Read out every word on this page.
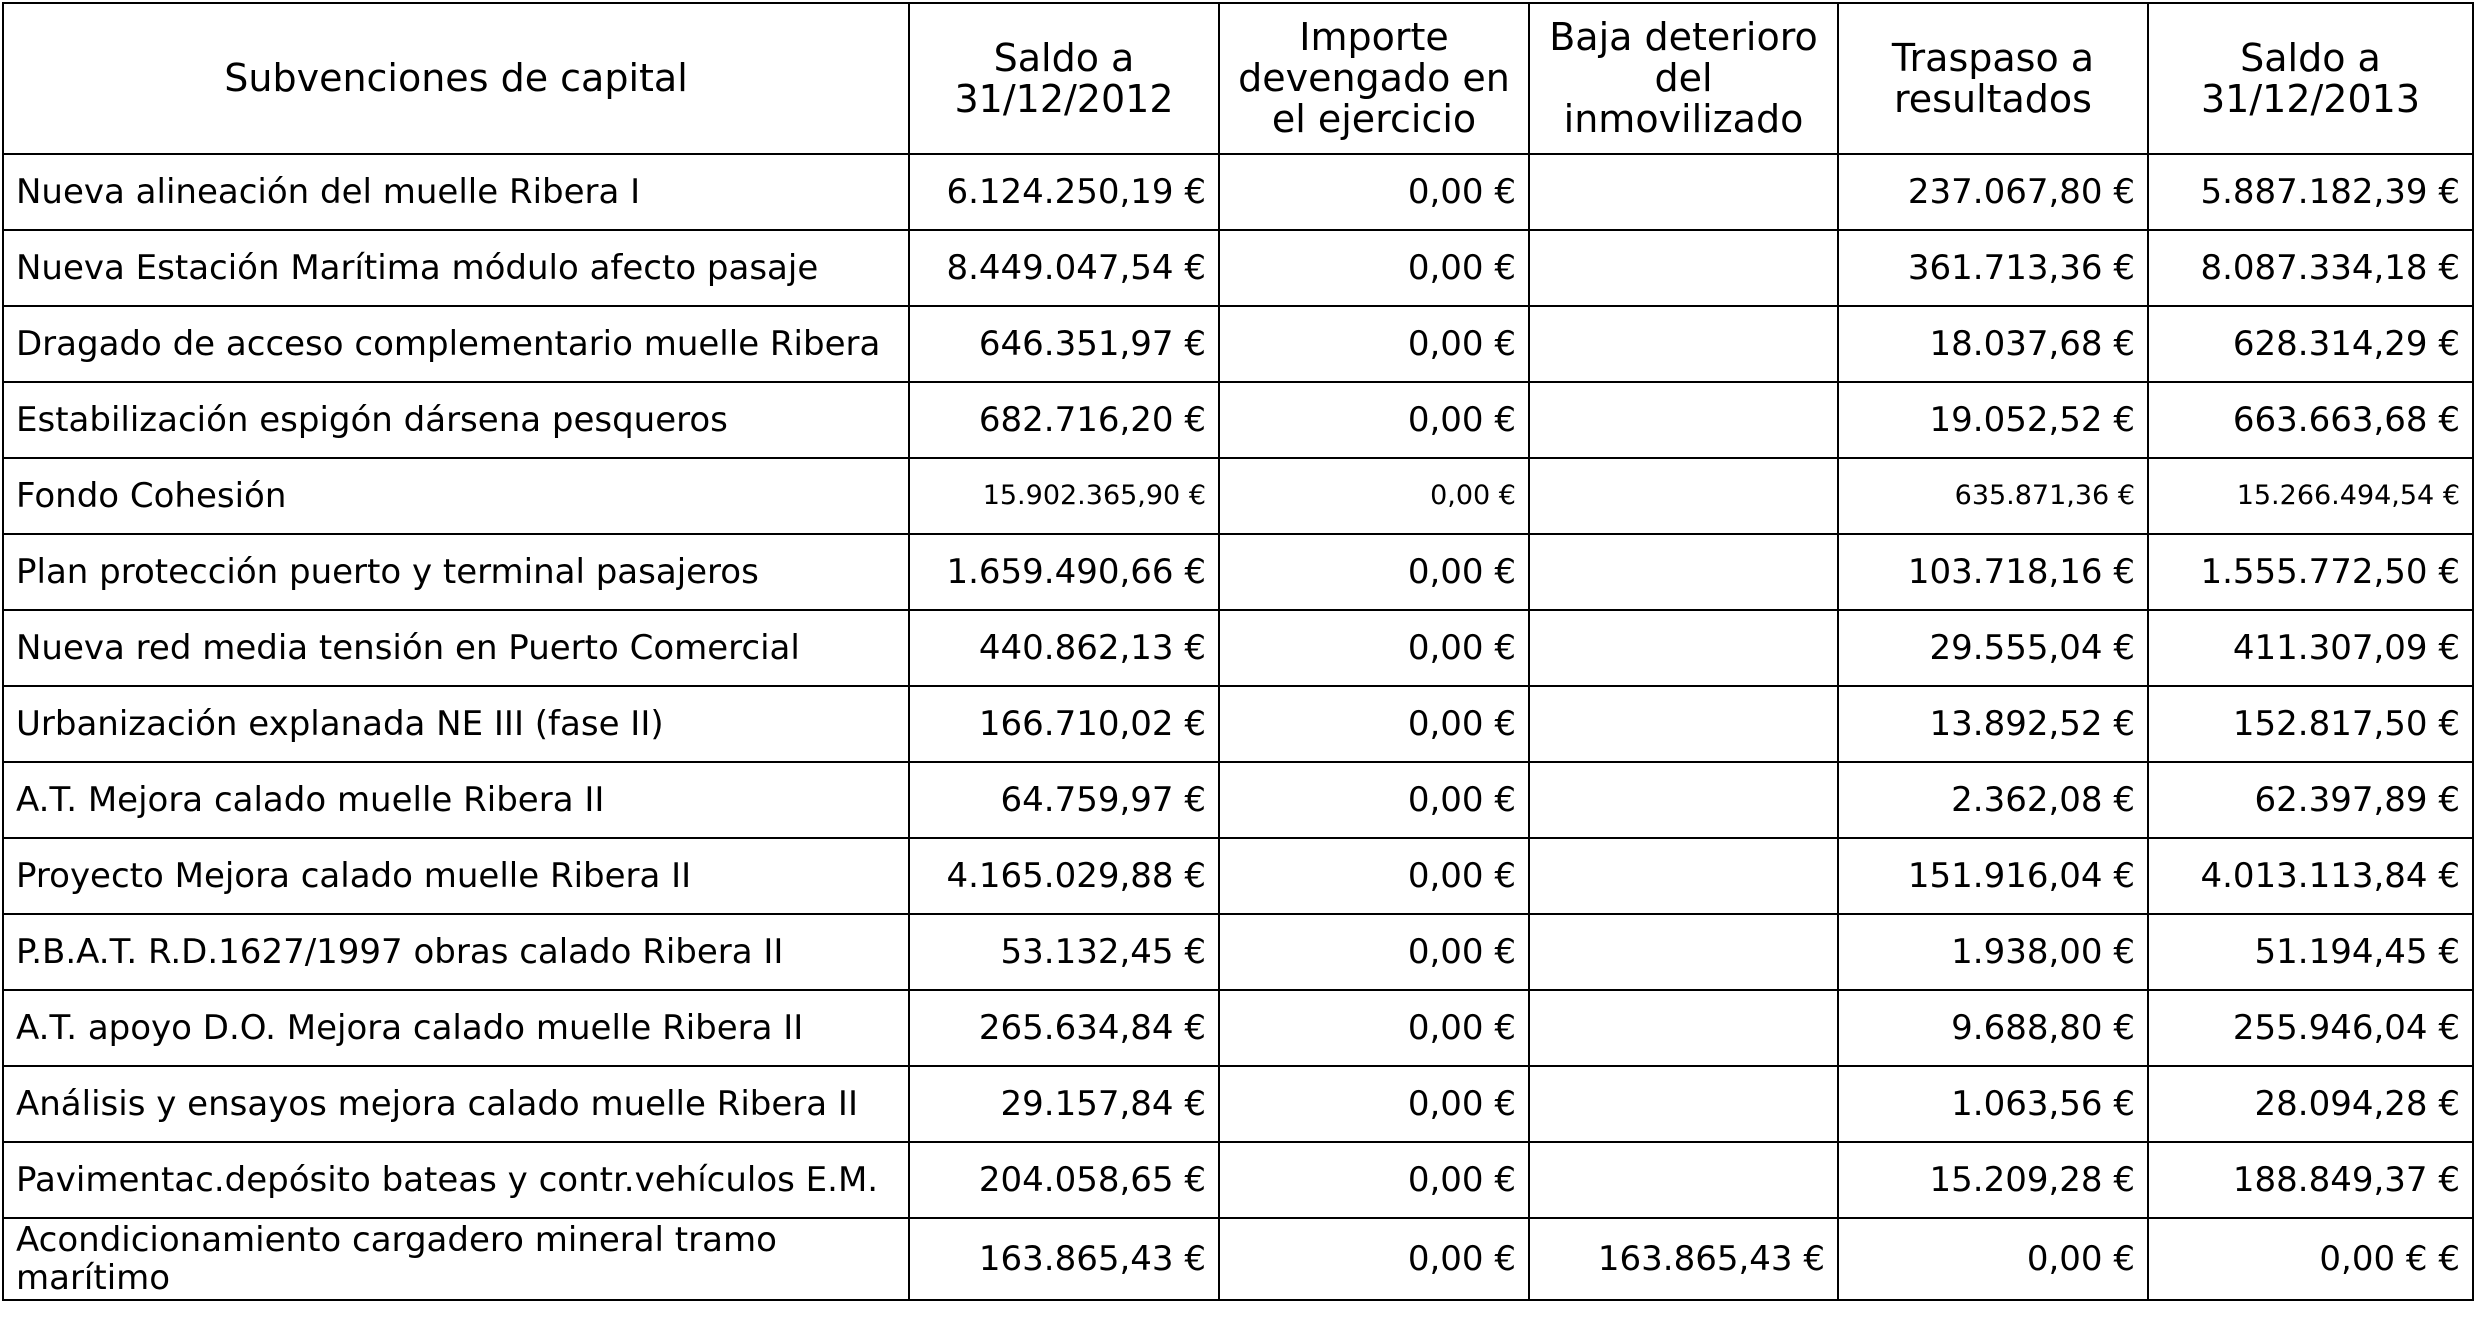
Subvenciones de capital	Saldo a 31/12/2012	Importe devengado en el ejercicio	Baja deterioro del inmovilizado	Traspaso a resultados	Saldo a 31/12/2013
Nueva alineación del muelle Ribera I	6.124.250,19 €	0,00 €		237.067,80 €	5.887.182,39 €
Nueva Estación Marítima módulo afecto pasaje	8.449.047,54 €	0,00 €		361.713,36 €	8.087.334,18 €
Dragado de acceso complementario muelle Ribera	646.351,97 €	0,00 €		18.037,68 €	628.314,29 €
Estabilización espigón dársena pesqueros	682.716,20 €	0,00 €		19.052,52 €	663.663,68 €
Fondo Cohesión	15.902.365,90 €	0,00 €		635.871,36 €	15.266.494,54 €
Plan protección puerto y terminal pasajeros	1.659.490,66 €	0,00 €		103.718,16 €	1.555.772,50 €
Nueva red media tensión en Puerto Comercial	440.862,13 €	0,00 €		29.555,04 €	411.307,09 €
Urbanización explanada NE III (fase II)	166.710,02 €	0,00 €		13.892,52 €	152.817,50 €
A.T. Mejora calado muelle Ribera II	64.759,97 €	0,00 €		2.362,08 €	62.397,89 €
Proyecto Mejora calado muelle Ribera II	4.165.029,88 €	0,00 €		151.916,04 €	4.013.113,84 €
P.B.A.T. R.D.1627/1997 obras calado Ribera II	53.132,45 €	0,00 €		1.938,00 €	51.194,45 €
A.T. apoyo D.O. Mejora calado muelle Ribera II	265.634,84 €	0,00 €		9.688,80 €	255.946,04 €
Análisis y ensayos mejora calado muelle Ribera II	29.157,84 €	0,00 €		1.063,56 €	28.094,28 €
Pavimentac.depósito bateas y contr.vehículos E.M.	204.058,65 €	0,00 €		15.209,28 €	188.849,37 €
Acondicionamiento cargadero mineral tramo marítimo	163.865,43 €	0,00 €	163.865,43 €	0,00 €	0,00 € €
